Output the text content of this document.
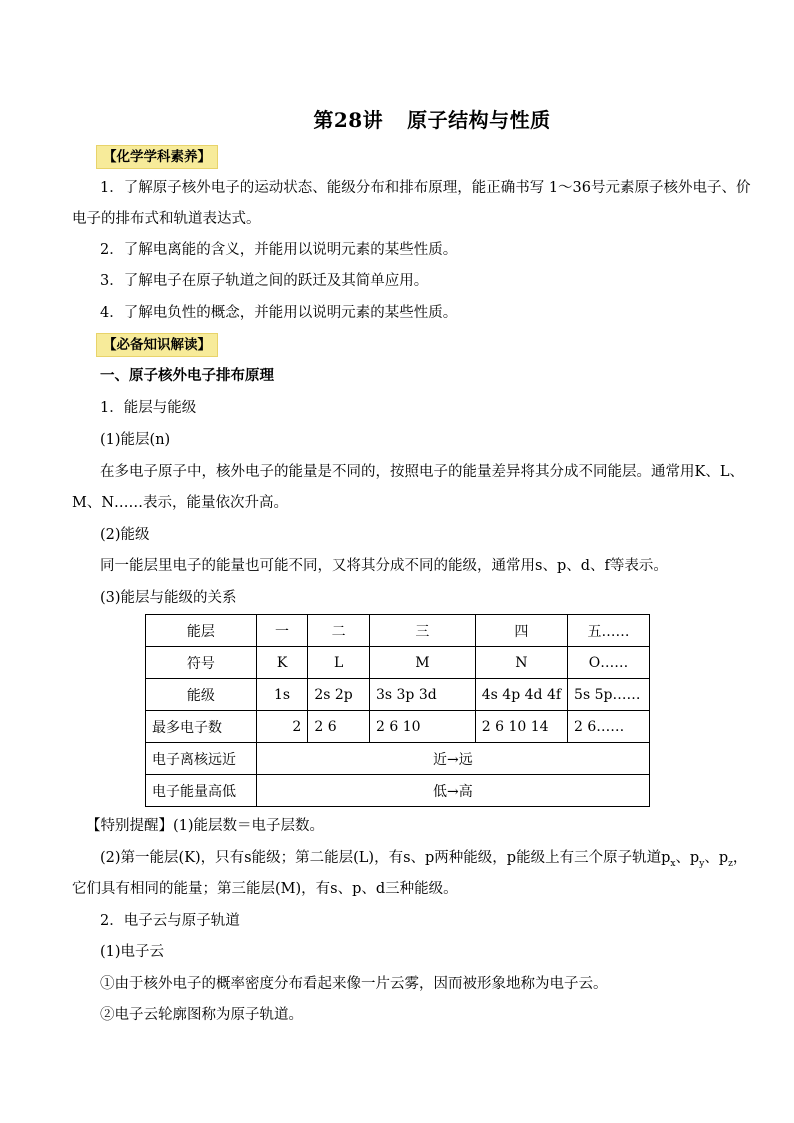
第28讲 原子结构与性质
【化学学科素养】
1．了解原子核外电子的运动状态、能级分布和排布原理，能正确书写 1～36号元素原子核外电子、价
电子的排布式和轨道表达式。
2．了解电离能的含义，并能用以说明元素的某些性质。
3．了解电子在原子轨道之间的跃迁及其简单应用。
4．了解电负性的概念，并能用以说明元素的某些性质。
【必备知识解读】
一、原子核外电子排布原理
1．能层与能级
(1)能层(n)
在多电子原子中，核外电子的能量是不同的，按照电子的能量差异将其分成不同能层。通常用K、L、
M、N……表示，能量依次升高。
(2)能级
同一能层里电子的能量也可能不同，又将其分成不同的能级，通常用s、p、d、f等表示。
(3)能层与能级的关系
能层	一	二	三	四	五……
符号	K	L	M	N	O……
能级	1s	2s 2p	3s 3p 3d	4s 4p 4d 4f	5s 5p……
最多电子数	2	2 6	2 6 10	2 6 10 14	2 6……
电子离核远近	近→远				
电子能量高低	低→高				
【特别提醒】(1)能层数＝电子层数。
(2)第一能层(K)，只有s能级；第二能层(L)，有s、p两种能级，p能级上有三个原子轨道$p_x$、$p_y$、$p_z$，
它们具有相同的能量；第三能层(M)，有s、p、d三种能级。
2．电子云与原子轨道
(1)电子云
①由于核外电子的概率密度分布看起来像一片云雾，因而被形象地称为电子云。
②电子云轮廓图称为原子轨道。
